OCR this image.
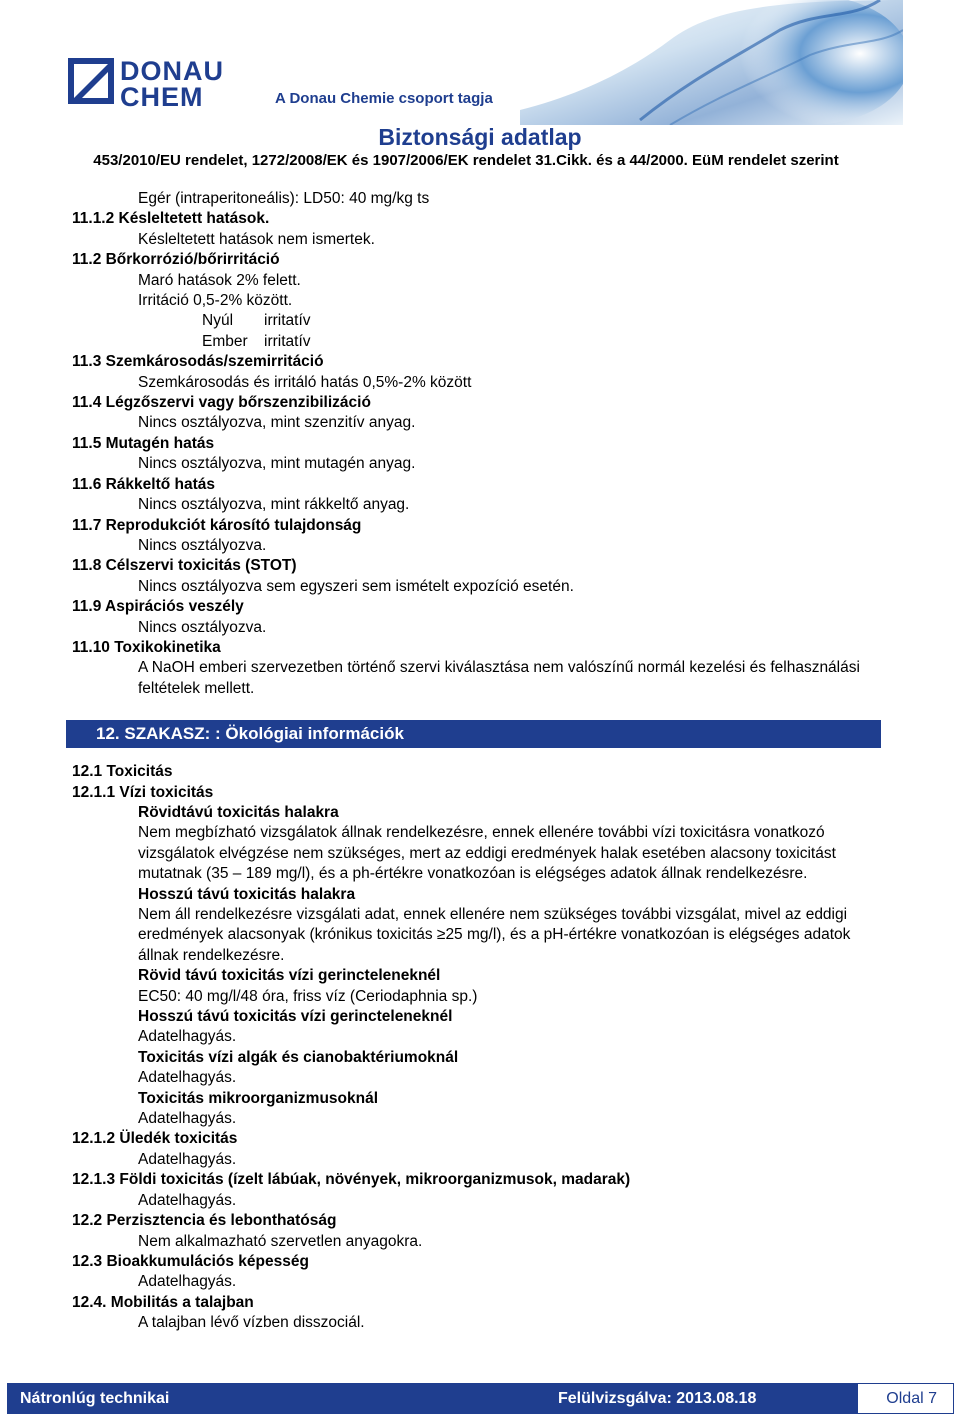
DONAU
CHEM	A Donau Chemie csoport tagja
Biztonsági adatlap
453/2010/EU rendelet, 1272/2008/EK és 1907/2006/EK rendelet 31.Cikk. és a 44/2000. EüM rendelet szerint
Egér (intraperitoneális): LD50: 40 mg/kg ts
11.1.2 Késleltetett hatások.
Késleltetett hatások nem ismertek.
11.2 Bőrkorrózió/bőrirritáció
Maró hatások 2% felett.
Irritáció 0,5-2% között.
Nyúl irritatív
Ember irritatív
11.3 Szemkárosodás/szemirritáció
Szemkárosodás és irritáló hatás 0,5%-2% között
11.4 Légzőszervi vagy bőrszenzibilizáció
Nincs osztályozva, mint szenzitív anyag.
11.5 Mutagén hatás
Nincs osztályozva, mint mutagén anyag.
11.6 Rákkeltő hatás
Nincs osztályozva, mint rákkeltő anyag.
11.7 Reprodukciót károsító tulajdonság
Nincs osztályozva.
11.8 Célszervi toxicitás (STOT)
Nincs osztályozva sem egyszeri sem ismételt expozíció esetén.
11.9 Aspirációs veszély
Nincs osztályozva.
11.10 Toxikokinetika
A NaOH emberi szervezetben történő szervi kiválasztása nem valószínű normál kezelési és felhasználási feltételek mellett.
12. SZAKASZ: : Ökológiai információk
12.1 Toxicitás
12.1.1 Vízi toxicitás
Rövidtávú toxicitás halakra
Nem megbízható vizsgálatok állnak rendelkezésre, ennek ellenére további vízi toxicitásra vonatkozó vizsgálatok elvégzése nem szükséges, mert az eddigi eredmények halak esetében alacsony toxicitást
mutatnak (35 – 189 mg/l), és a ph-értékre vonatkozóan is elégséges adatok állnak rendelkezésre.
Hosszú távú toxicitás halakra
Nem áll rendelkezésre vizsgálati adat, ennek ellenére nem szükséges további vizsgálat, mivel az eddigi eredmények alacsonyak (krónikus toxicitás ≥25 mg/l), és a pH-értékre vonatkozóan is elégséges adatok állnak rendelkezésre.
Rövid távú toxicitás vízi gerincteleneknél
EC50: 40 mg/l/48 óra, friss víz (Ceriodaphnia sp.)
Hosszú távú toxicitás vízi gerincteleneknél
Adatelhagyás.
Toxicitás vízi algák és cianobaktériumoknál
Adatelhagyás.
Toxicitás mikroorganizmusoknál
Adatelhagyás.
12.1.2 Üledék toxicitás
Adatelhagyás.
12.1.3 Földi toxicitás (ízelt lábúak, növények, mikroorganizmusok, madarak)
Adatelhagyás.
12.2 Perzisztencia és lebonthatóság
Nem alkalmazható szervetlen anyagokra.
12.3 Bioakkumulációs képesség
Adatelhagyás.
12.4. Mobilitás a talajban
A talajban lévő vízben disszociál.
Nátronlúg technikai	Felülvizsgálva: 2013.08.18	Oldal 7
